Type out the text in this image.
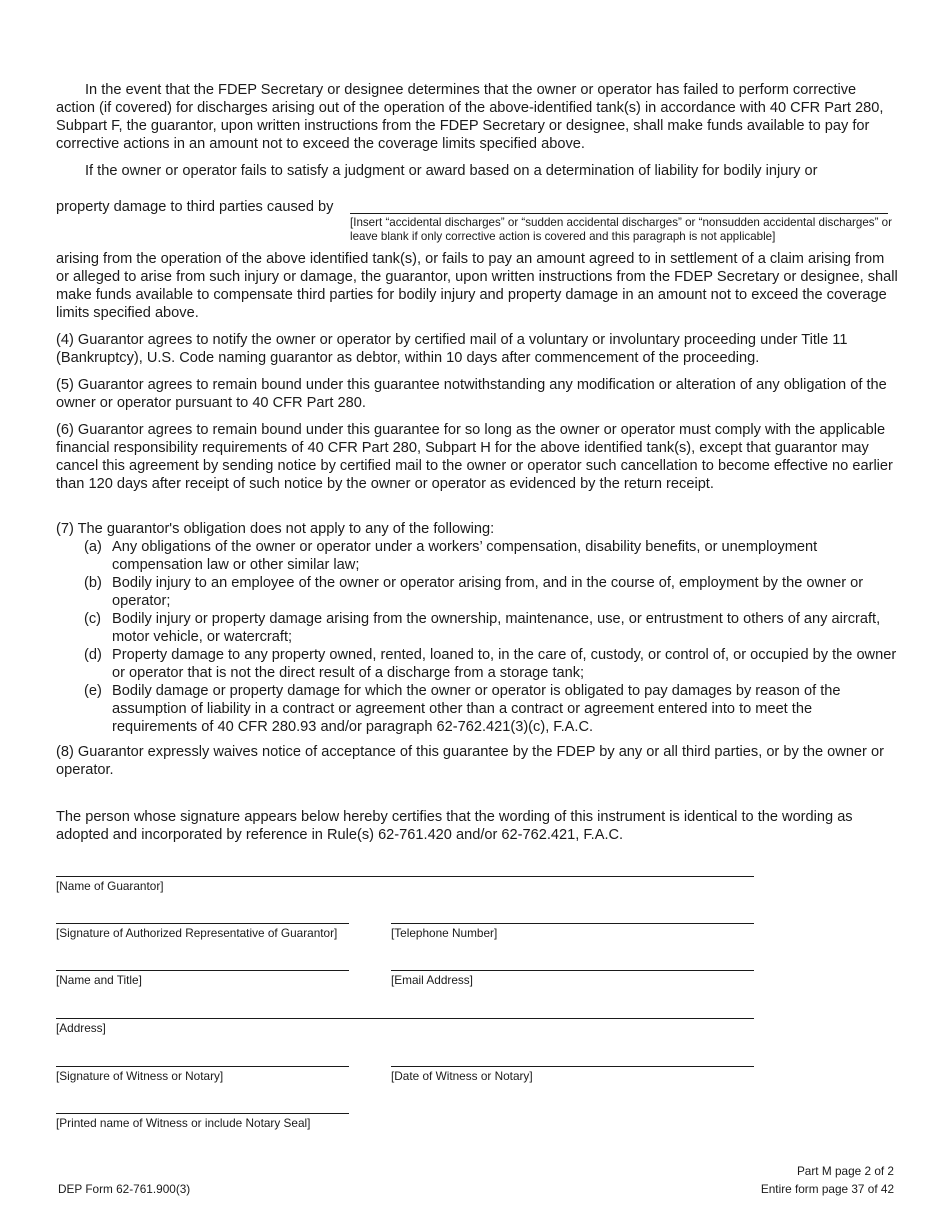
In the event that the FDEP Secretary or designee determines that the owner or operator has failed to perform corrective action (if covered) for discharges arising out of the operation of the above-identified tank(s) in accordance with 40 CFR Part 280, Subpart F, the guarantor, upon written instructions from the FDEP Secretary or designee, shall make funds available to pay for corrective actions in an amount not to exceed the coverage limits specified above.

If the owner or operator fails to satisfy a judgment or award based on a determination of liability for bodily injury or

property damage to third parties caused by
[Insert “accidental discharges” or “sudden accidental discharges” or “nonsudden accidental discharges” or leave blank if only corrective action is covered and this paragraph is not applicable]

arising from the operation of the above identified tank(s), or fails to pay an amount agreed to in settlement of a claim arising from or alleged to arise from such injury or damage, the guarantor, upon written instructions from the FDEP Secretary or designee, shall make funds available to compensate third parties for bodily injury and property damage in an amount not to exceed the coverage limits specified above.

(4) Guarantor agrees to notify the owner or operator by certified mail of a voluntary or involuntary proceeding under Title 11 (Bankruptcy), U.S. Code naming guarantor as debtor, within 10 days after commencement of the proceeding.

(5) Guarantor agrees to remain bound under this guarantee notwithstanding any modification or alteration of any obligation of the owner or operator pursuant to 40 CFR Part 280.

(6) Guarantor agrees to remain bound under this guarantee for so long as the owner or operator must comply with the applicable financial responsibility requirements of 40 CFR Part 280, Subpart H for the above identified tank(s), except that guarantor may cancel this agreement by sending notice by certified mail to the owner or operator such cancellation to become effective no earlier than 120 days after receipt of such notice by the owner or operator as evidenced by the return receipt.

(7) The guarantor's obligation does not apply to any of the following:

(a) Any obligations of the owner or operator under a workers’ compensation, disability benefits, or unemployment compensation law or other similar law;
(b) Bodily injury to an employee of the owner or operator arising from, and in the course of, employment by the owner or operator;
(c) Bodily injury or property damage arising from the ownership, maintenance, use, or entrustment to others of any aircraft, motor vehicle, or watercraft;
(d) Property damage to any property owned, rented, loaned to, in the care of, custody, or control of, or occupied by the owner or operator that is not the direct result of a discharge from a storage tank;
(e) Bodily damage or property damage for which the owner or operator is obligated to pay damages by reason of the assumption of liability in a contract or agreement other than a contract or agreement entered into to meet the requirements of 40 CFR 280.93 and/or paragraph 62-762.421(3)(c), F.A.C.

(8) Guarantor expressly waives notice of acceptance of this guarantee by the FDEP by any or all third parties, or by the owner or operator.

The person whose signature appears below hereby certifies that the wording of this instrument is identical to the wording as adopted and incorporated by reference in Rule(s) 62-761.420 and/or 62-762.421, F.A.C.

[Name of Guarantor]
[Signature of Authorized Representative of Guarantor]	[Telephone Number]
[Name and Title]	[Email Address]
[Address]
[Signature of Witness or Notary]	[Date of Witness or Notary]
[Printed name of Witness or include Notary Seal]
DEP Form 62-761.900(3)
Part M page 2 of 2
Entire form page 37 of 42
